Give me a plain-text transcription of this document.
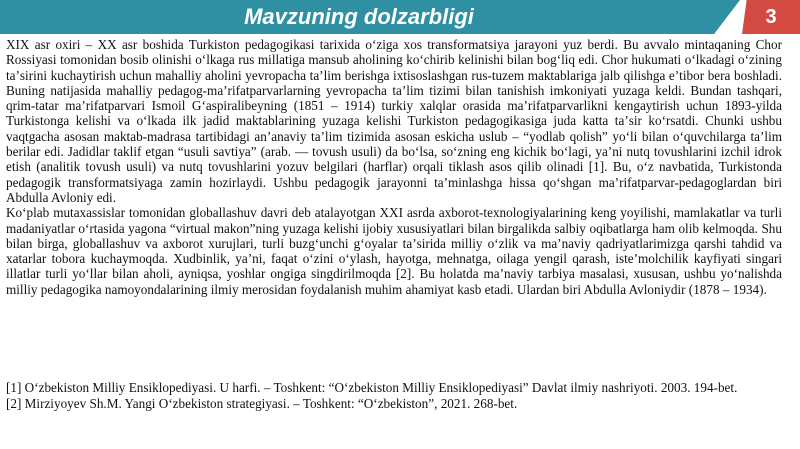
Mavzuning dolzarbligi	3

XIX asr oxiri – XX asr boshida Turkiston pedagogikasi tarixida oʻziga xos transformatsiya jarayoni yuz berdi. Bu avvalo mintaqaning Chor Rossiyasi tomonidan bosib olinishi oʻlkaga rus millatiga mansub aholining koʻchirib kelinishi bilan bogʻliq edi. Chor hukumati oʻlkadagi oʻzining taʼsirini kuchaytirish uchun mahalliy aholini yevropacha taʼlim berishga ixtisoslashgan rus-tuzem maktablariga jalb qilishga eʼtibor bera boshladi. Buning natijasida mahalliy pedagog-maʼrifatparvarlarning yevropacha taʼlim tizimi bilan tanishish imkoniyati yuzaga keldi. Bundan tashqari, qrim-tatar maʼrifatparvari Ismoil Gʻaspiralibeyning (1851 – 1914) turkiy xalqlar orasida maʼrifatparvarlikni kengaytirish uchun 1893-yilda Turkistonga kelishi va oʻlkada ilk jadid maktablarining yuzaga kelishi Turkiston pedagogikasiga juda katta taʼsir koʻrsatdi. Chunki ushbu vaqtgacha asosan maktab-madrasa tartibidagi anʼanaviy taʼlim tizimida asosan eskicha uslub – “yodlab qolish” yoʻli bilan oʻquvchilarga taʼlim berilar edi. Jadidlar taklif etgan “usuli savtiya” (arab. — tovush usuli) da boʻlsa, soʻzning eng kichik boʻlagi, yaʼni nutq tovushlarini izchil idrok etish (analitik tovush usuli) va nutq tovushlarini yozuv belgilari (harflar) orqali tiklash asos qilib olinadi [1]. Bu, oʻz navbatida, Turkistonda pedagogik transformatsiyaga zamin hozirlaydi. Ushbu pedagogik jarayonni taʼminlashga hissa qoʻshgan maʼrifatparvar-pedagoglardan biri Abdulla Avloniy edi.

Koʻplab mutaxassislar tomonidan globallashuv davri deb atalayotgan XXI asrda axborot-texnologiyalarining keng yoyilishi, mamlakatlar va turli madaniyatlar oʻrtasida yagona “virtual makon”ning yuzaga kelishi ijobiy xususiyatlari bilan birgalikda salbiy oqibatlarga ham olib kelmoqda. Shu bilan birga, globallashuv va axborot xurujlari, turli buzgʻunchi gʻoyalar taʼsirida milliy oʻzlik va maʼnaviy qadriyatlarimizga qarshi tahdid va xatarlar tobora kuchaymoqda. Xudbinlik, yaʼni, faqat oʻzini oʻylash, hayotga, mehnatga, oilaga yengil qarash, isteʼmolchilik kayfiyati singari illatlar turli yoʻllar bilan aholi, ayniqsa, yoshlar ongiga singdirilmoqda [2]. Bu holatda maʼnaviy tarbiya masalasi, xususan, ushbu yoʻnalishda milliy pedagogika namoyondalarining ilmiy merosidan foydalanish muhim ahamiyat kasb etadi. Ulardan biri Abdulla Avloniydir (1878 – 1934).

[1] Oʻzbekiston Milliy Ensiklopediyasi. U harfi. – Toshkent: “Oʻzbekiston Milliy Ensiklopediyasi” Davlat ilmiy nashriyoti. 2003. 194-bet.

[2] Mirziyoyev Sh.M. Yangi Oʻzbekiston strategiyasi. – Toshkent: “Oʻzbekiston”, 2021. 268-bet.
